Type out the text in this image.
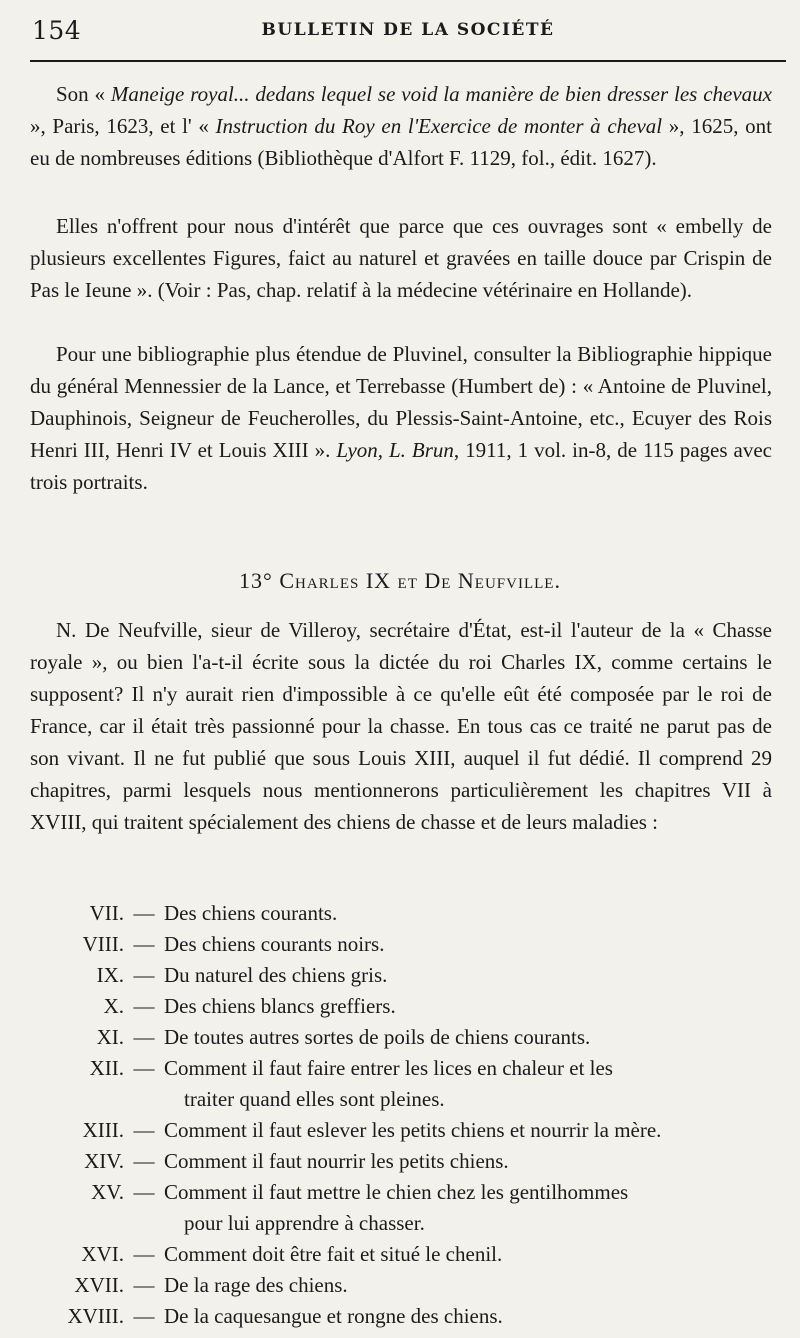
154	BULLETIN DE LA SOCIÉTÉ

Son « Maneige royal... dedans lequel se void la manière de bien dresser les chevaux », Paris, 1623, et l' « Instruction du Roy en l'Exercice de monter à cheval », 1625, ont eu de nombreuses éditions (Bibliothèque d'Alfort F. 1129, fol., édit. 1627).

Elles n'offrent pour nous d'intérêt que parce que ces ouvrages sont « embelly de plusieurs excellentes Figures, faict au naturel et gravées en taille douce par Crispin de Pas le Ieune ». (Voir : Pas, chap. relatif à la médecine vétérinaire en Hollande).

Pour une bibliographie plus étendue de Pluvinel, consulter la Bibliographie hippique du général Mennessier de la Lance, et Terrebasse (Humbert de) : « Antoine de Pluvinel, Dauphinois, Seigneur de Feucherolles, du Plessis-Saint-Antoine, etc., Ecuyer des Rois Henri III, Henri IV et Louis XIII ». Lyon, L. Brun, 1911, 1 vol. in-8, de 115 pages avec trois portraits.

13° Charles IX et De Neufville.

N. De Neufville, sieur de Villeroy, secrétaire d'État, est-il l'auteur de la « Chasse royale », ou bien l'a-t-il écrite sous la dictée du roi Charles IX, comme certains le supposent? Il n'y aurait rien d'impossible à ce qu'elle eût été composée par le roi de France, car il était très passionné pour la chasse. En tous cas ce traité ne parut pas de son vivant. Il ne fut publié que sous Louis XIII, auquel il fut dédié. Il comprend 29 chapitres, parmi lesquels nous mentionnerons particulièrement les chapitres VII à XVIII, qui traitent spécialement des chiens de chasse et de leurs maladies :

VII. — Des chiens courants.
VIII. — Des chiens courants noirs.
IX. — Du naturel des chiens gris.
X. — Des chiens blancs greffiers.
XI. — De toutes autres sortes de poils de chiens courants.
XII. — Comment il faut faire entrer les lices en chaleur et les
traiter quand elles sont pleines.
XIII. — Comment il faut eslever les petits chiens et nourrir la mère.
XIV. — Comment il faut nourrir les petits chiens.
XV. — Comment il faut mettre le chien chez les gentilhommes
pour lui apprendre à chasser.
XVI. — Comment doit être fait et situé le chenil.
XVII. — De la rage des chiens.
XVIII. — De la caquesangue et rongne des chiens.
